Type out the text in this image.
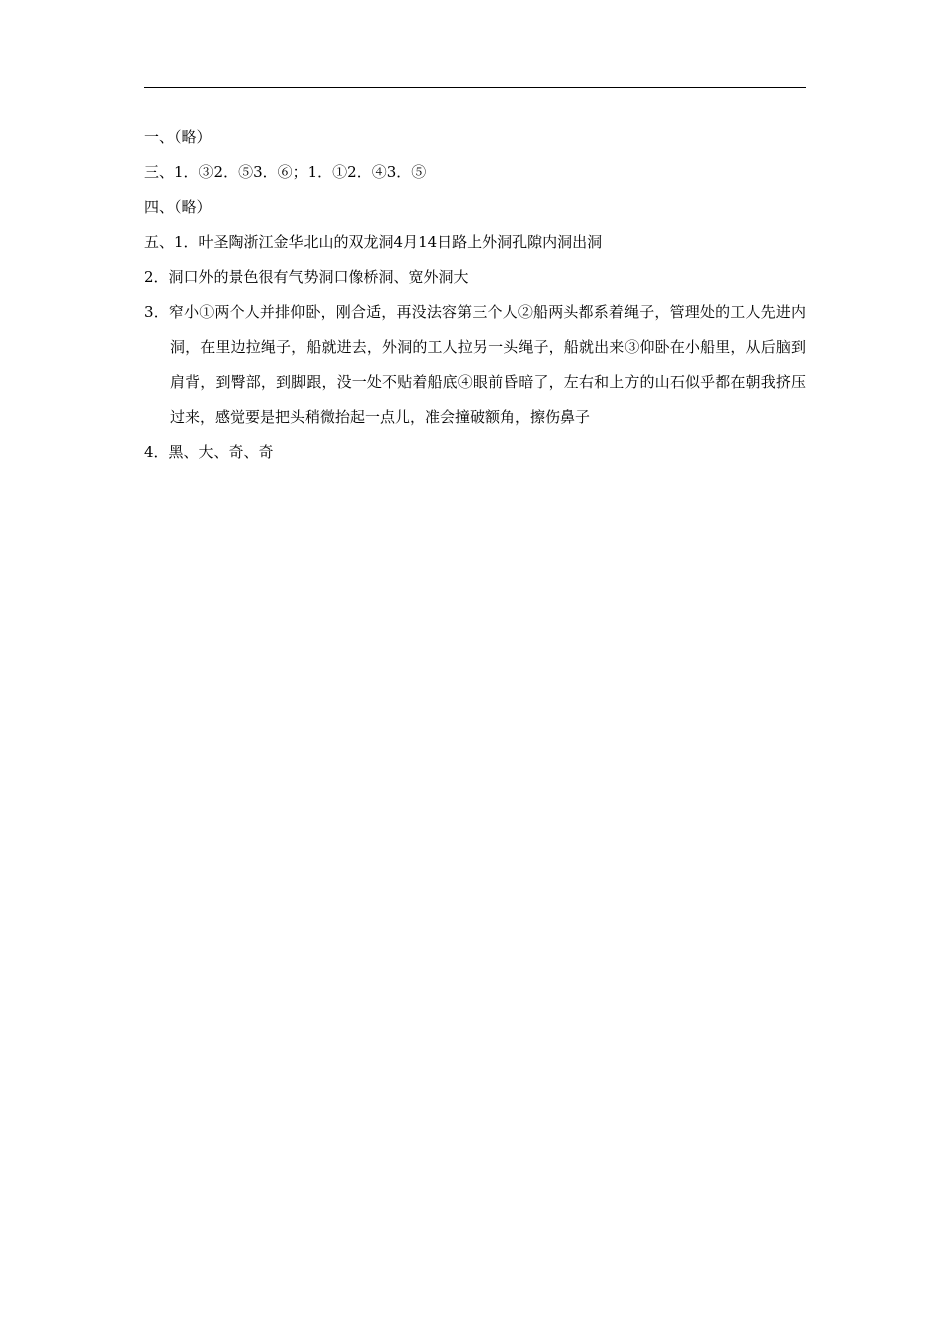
一、（略）

三、1．③2．⑤3．⑥；1．①2．④3．⑤

四、（略）

五、1．叶圣陶浙江金华北山的双龙洞4月14日路上外洞孔隙内洞出洞

2．洞口外的景色很有气势洞口像桥洞、宽外洞大

3．窄小①两个人并排仰卧，刚合适，再没法容第三个人②船两头都系着绳子，管理处的工人先进内洞，在里边拉绳子，船就进去，外洞的工人拉另一头绳子，船就出来③仰卧在小船里，从后脑到肩背，到臀部，到脚跟，没一处不贴着船底④眼前昏暗了，左右和上方的山石似乎都在朝我挤压过来，感觉要是把头稍微抬起一点儿，准会撞破额角，擦伤鼻子

4．黑、大、奇、奇
